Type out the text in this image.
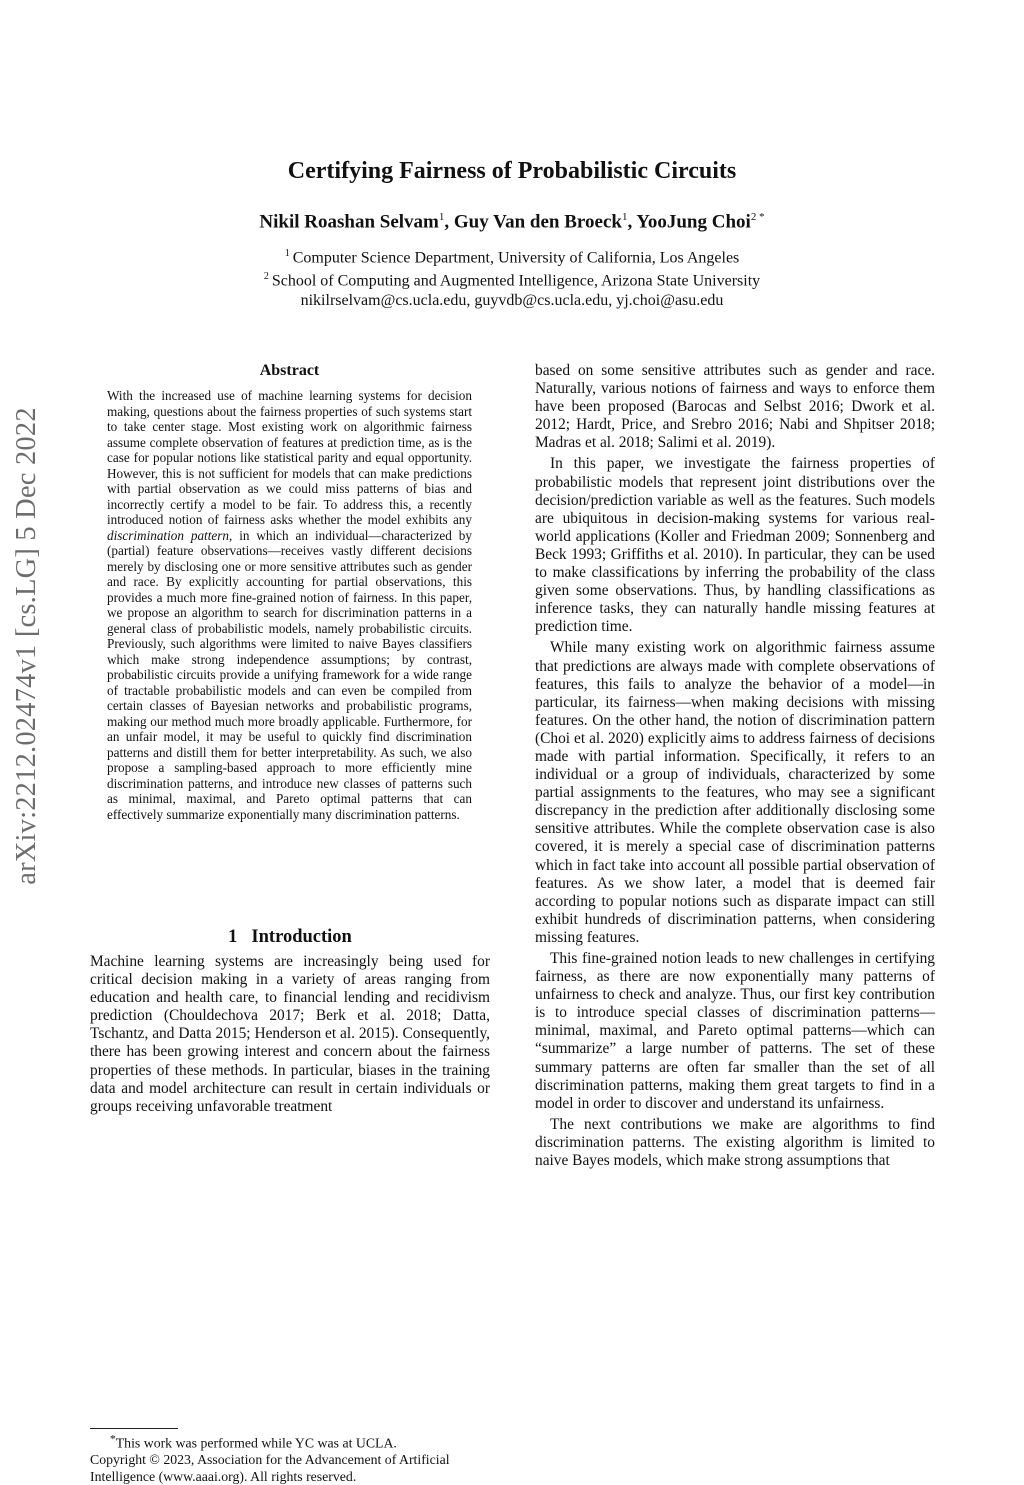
arXiv:2212.02474v1 [cs.LG] 5 Dec 2022
Certifying Fairness of Probabilistic Circuits
Nikil Roashan Selvam$^1$, Guy Van den Broeck$^1$, YooJung Choi$^{2 *}$
$^1$ Computer Science Department, University of California, Los Angeles
$^2$ School of Computing and Augmented Intelligence, Arizona State University
nikilrselvam@cs.ucla.edu, guyvdb@cs.ucla.edu, yj.choi@asu.edu
Abstract

With the increased use of machine learning systems for decision making, questions about the fairness properties of such systems start to take center stage. Most existing work on algorithmic fairness assume complete observation of features at prediction time, as is the case for popular notions like statistical parity and equal opportunity. However, this is not sufficient for models that can make predictions with partial observation as we could miss patterns of bias and incorrectly certify a model to be fair. To address this, a recently introduced notion of fairness asks whether the model exhibits any discrimination pattern, in which an individual—characterized by (partial) feature observations—receives vastly different decisions merely by disclosing one or more sensitive attributes such as gender and race. By explicitly accounting for partial observations, this provides a much more fine-grained notion of fairness. In this paper, we propose an algorithm to search for discrimination patterns in a general class of probabilistic models, namely probabilistic circuits. Previously, such algorithms were limited to naive Bayes classifiers which make strong independence assumptions; by contrast, probabilistic circuits provide a unifying framework for a wide range of tractable probabilistic models and can even be compiled from certain classes of Bayesian networks and probabilistic programs, making our method much more broadly applicable. Furthermore, for an unfair model, it may be useful to quickly find discrimination patterns and distill them for better interpretability. As such, we also propose a sampling-based approach to more efficiently mine discrimination patterns, and introduce new classes of patterns such as minimal, maximal, and Pareto optimal patterns that can effectively summarize exponentially many discrimination patterns.

1 Introduction

Machine learning systems are increasingly being used for critical decision making in a variety of areas ranging from education and health care, to financial lending and recidivism prediction (Chouldechova 2017; Berk et al. 2018; Datta, Tschantz, and Datta 2015; Henderson et al. 2015). Consequently, there has been growing interest and concern about the fairness properties of these methods. In particular, biases in the training data and model architecture can result in certain individuals or groups receiving unfavorable treatment

*This work was performed while YC was at UCLA.
Copyright © 2023, Association for the Advancement of Artificial Intelligence (www.aaai.org). All rights reserved.

based on some sensitive attributes such as gender and race. Naturally, various notions of fairness and ways to enforce them have been proposed (Barocas and Selbst 2016; Dwork et al. 2012; Hardt, Price, and Srebro 2016; Nabi and Shpitser 2018; Madras et al. 2018; Salimi et al. 2019).

In this paper, we investigate the fairness properties of probabilistic models that represent joint distributions over the decision/prediction variable as well as the features. Such models are ubiquitous in decision-making systems for various real-world applications (Koller and Friedman 2009; Sonnenberg and Beck 1993; Griffiths et al. 2010). In particular, they can be used to make classifications by inferring the probability of the class given some observations. Thus, by handling classifications as inference tasks, they can naturally handle missing features at prediction time.

While many existing work on algorithmic fairness assume that predictions are always made with complete observations of features, this fails to analyze the behavior of a model—in particular, its fairness—when making decisions with missing features. On the other hand, the notion of discrimination pattern (Choi et al. 2020) explicitly aims to address fairness of decisions made with partial information. Specifically, it refers to an individual or a group of individuals, characterized by some partial assignments to the features, who may see a significant discrepancy in the prediction after additionally disclosing some sensitive attributes. While the complete observation case is also covered, it is merely a special case of discrimination patterns which in fact take into account all possible partial observation of features. As we show later, a model that is deemed fair according to popular notions such as disparate impact can still exhibit hundreds of discrimination patterns, when considering missing features.

This fine-grained notion leads to new challenges in certifying fairness, as there are now exponentially many patterns of unfairness to check and analyze. Thus, our first key contribution is to introduce special classes of discrimination patterns—minimal, maximal, and Pareto optimal patterns—which can “summarize” a large number of patterns. The set of these summary patterns are often far smaller than the set of all discrimination patterns, making them great targets to find in a model in order to discover and understand its unfairness.

The next contributions we make are algorithms to find discrimination patterns. The existing algorithm is limited to naive Bayes models, which make strong assumptions that
